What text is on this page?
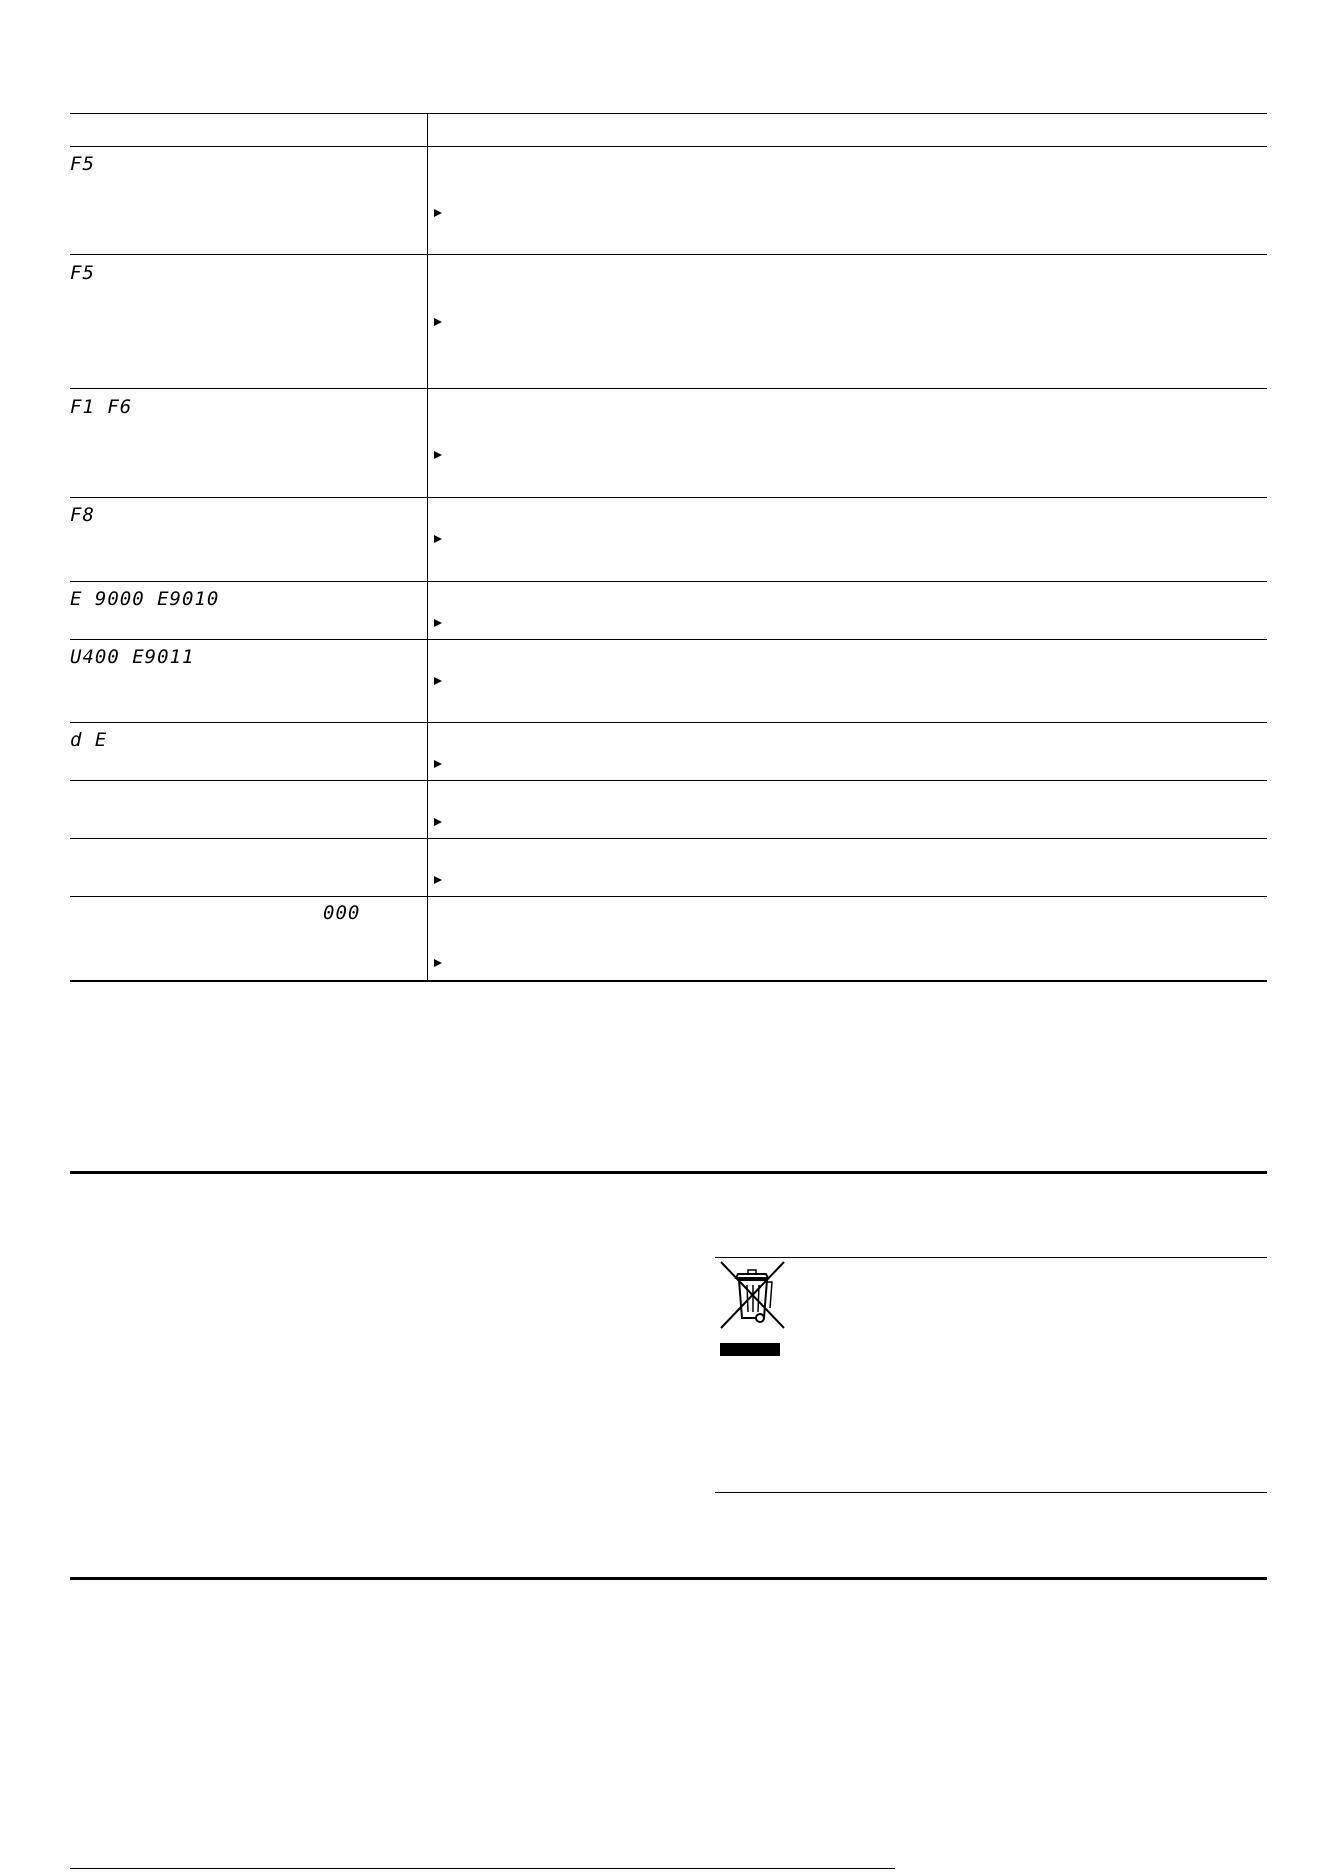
F5
F5
F1 F6
F8
E 9000 E9010
U400 E9011
d E
000
